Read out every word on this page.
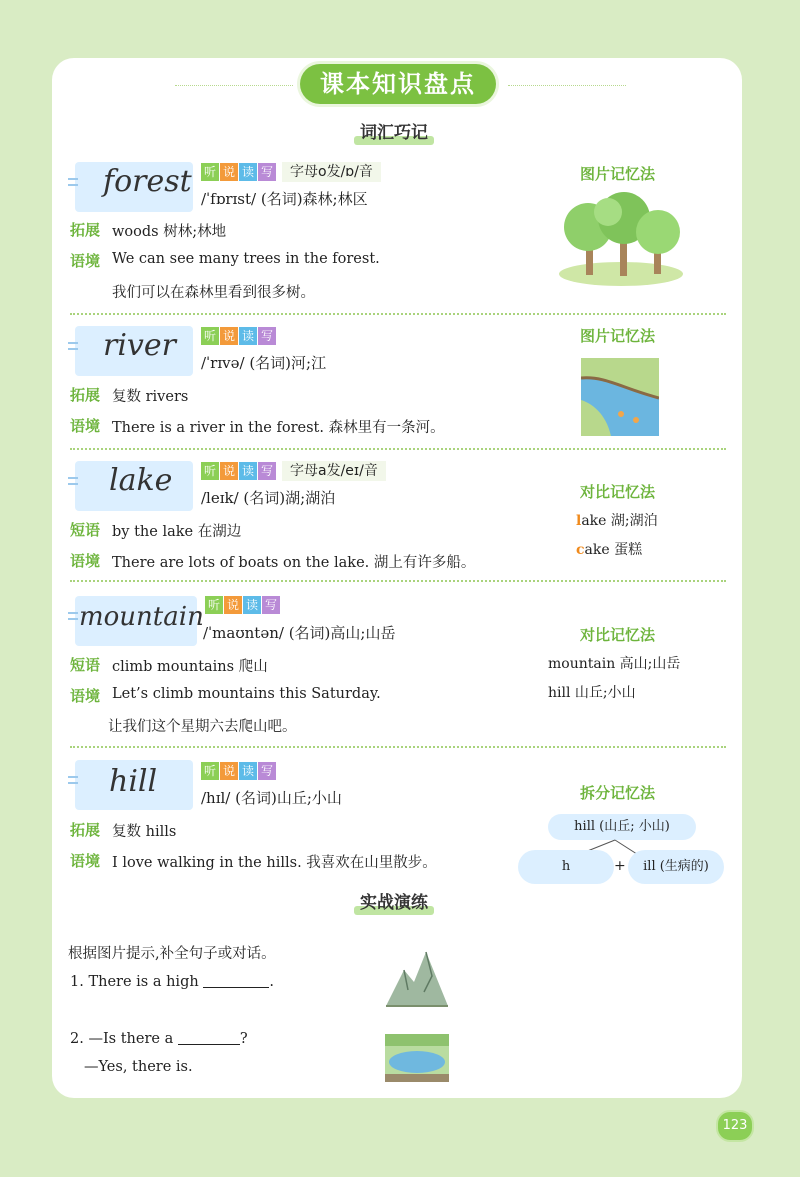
课本知识盘点
词汇巧记
forest 听 说 读 写	字母o发/ɒ/音
/ˈfɒrɪst/ (名词)森林;林区
拓展 woods 树林;林地
语境 We can see many trees in the forest.
我们可以在森林里看到很多树。
图片记忆法
river 听 说 读 写
/ˈrɪvə/ (名词)河;江
拓展 复数 rivers
语境 There is a river in the forest. 森林里有一条河。
图片记忆法
lake	听 说 读 写	字母a发/eɪ/音
/leɪk/ (名词)湖;湖泊
短语 by the lake 在湖边
语境 There are lots of boats on the lake. 湖上有许多船。
对比记忆法
lake 湖;湖泊
cake 蛋糕
mountain 听 说 读 写
/ˈmaʊntən/ (名词)高山;山岳
短语 climb mountains 爬山
语境 Let’s climb mountains this Saturday.
让我们这个星期六去爬山吧。
对比记忆法
mountain 高山;山岳
hill 山丘;小山
hill	听 说 读 写
/hɪl/ (名词)山丘;小山
拓展 复数 hills
语境 I love walking in the hills. 我喜欢在山里散步。
拆分记忆法
hill (山丘; 小山)
h	+	ill (生病的)
实战演练
根据图片提示,补全句子或对话。
1. There is a high	.
2. —Is there a	?
—Yes, there is.
123
